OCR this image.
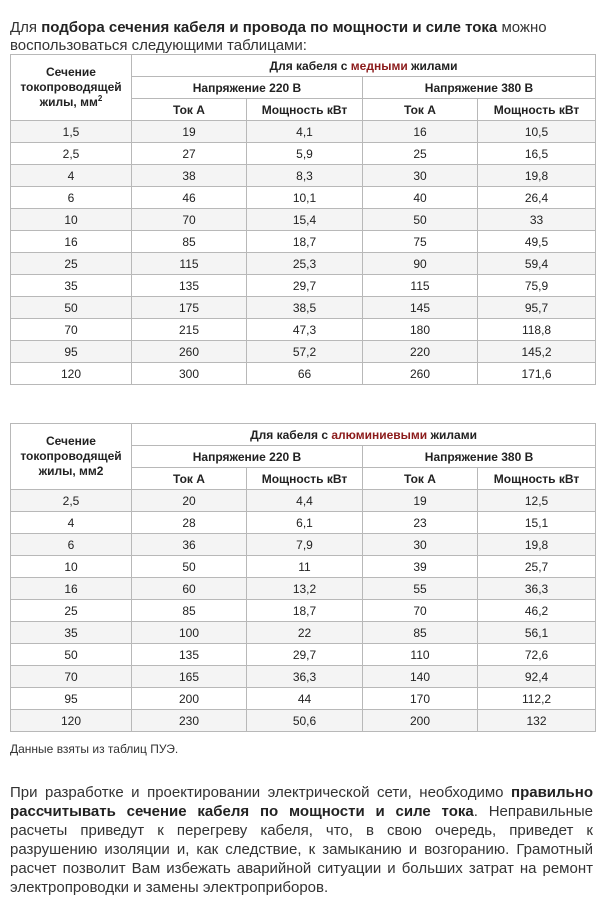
Для подбора сечения кабеля и провода по мощности и силе тока можно воспользоваться следующими таблицами:

Сечение
токопроводящей
жилы, $мм^2$	Для кабеля с медными жилами			
	Напряжение 220 В		Напряжение 380 В	
	Ток А	Мощность кВт	Ток А	Мощность кВт
1,5	19	4,1	16	10,5
2,5	27	5,9	25	16,5
4	38	8,3	30	19,8
6	46	10,1	40	26,4
10	70	15,4	50	33
16	85	18,7	75	49,5
25	115	25,3	90	59,4
35	135	29,7	115	75,9
50	175	38,5	145	95,7
70	215	47,3	180	118,8
95	260	57,2	220	145,2
120	300	66	260	171,6
Сечение
токопроводящей
жилы, мм2	Для кабеля с алюминиевыми жилами			
	Напряжение 220 В		Напряжение 380 В	
	Ток А	Мощность кВт	Ток А	Мощность кВт
2,5	20	4,4	19	12,5
4	28	6,1	23	15,1
6	36	7,9	30	19,8
10	50	11	39	25,7
16	60	13,2	55	36,3
25	85	18,7	70	46,2
35	100	22	85	56,1
50	135	29,7	110	72,6
70	165	36,3	140	92,4
95	200	44	170	112,2
120	230	50,6	200	132
Данные взяты из таблиц ПУЭ.

При разработке и проектировании электрической сети, необходимо правильно рассчитывать сечение кабеля по мощности и силе тока. Неправильные расчеты приведут к перегреву кабеля, что, в свою очередь, приведет к разрушению изоляции и, как следствие, к замыканию и возгоранию. Грамотный расчет позволит Вам избежать аварийной ситуации и больших затрат на ремонт электропроводки и замены электроприборов.
